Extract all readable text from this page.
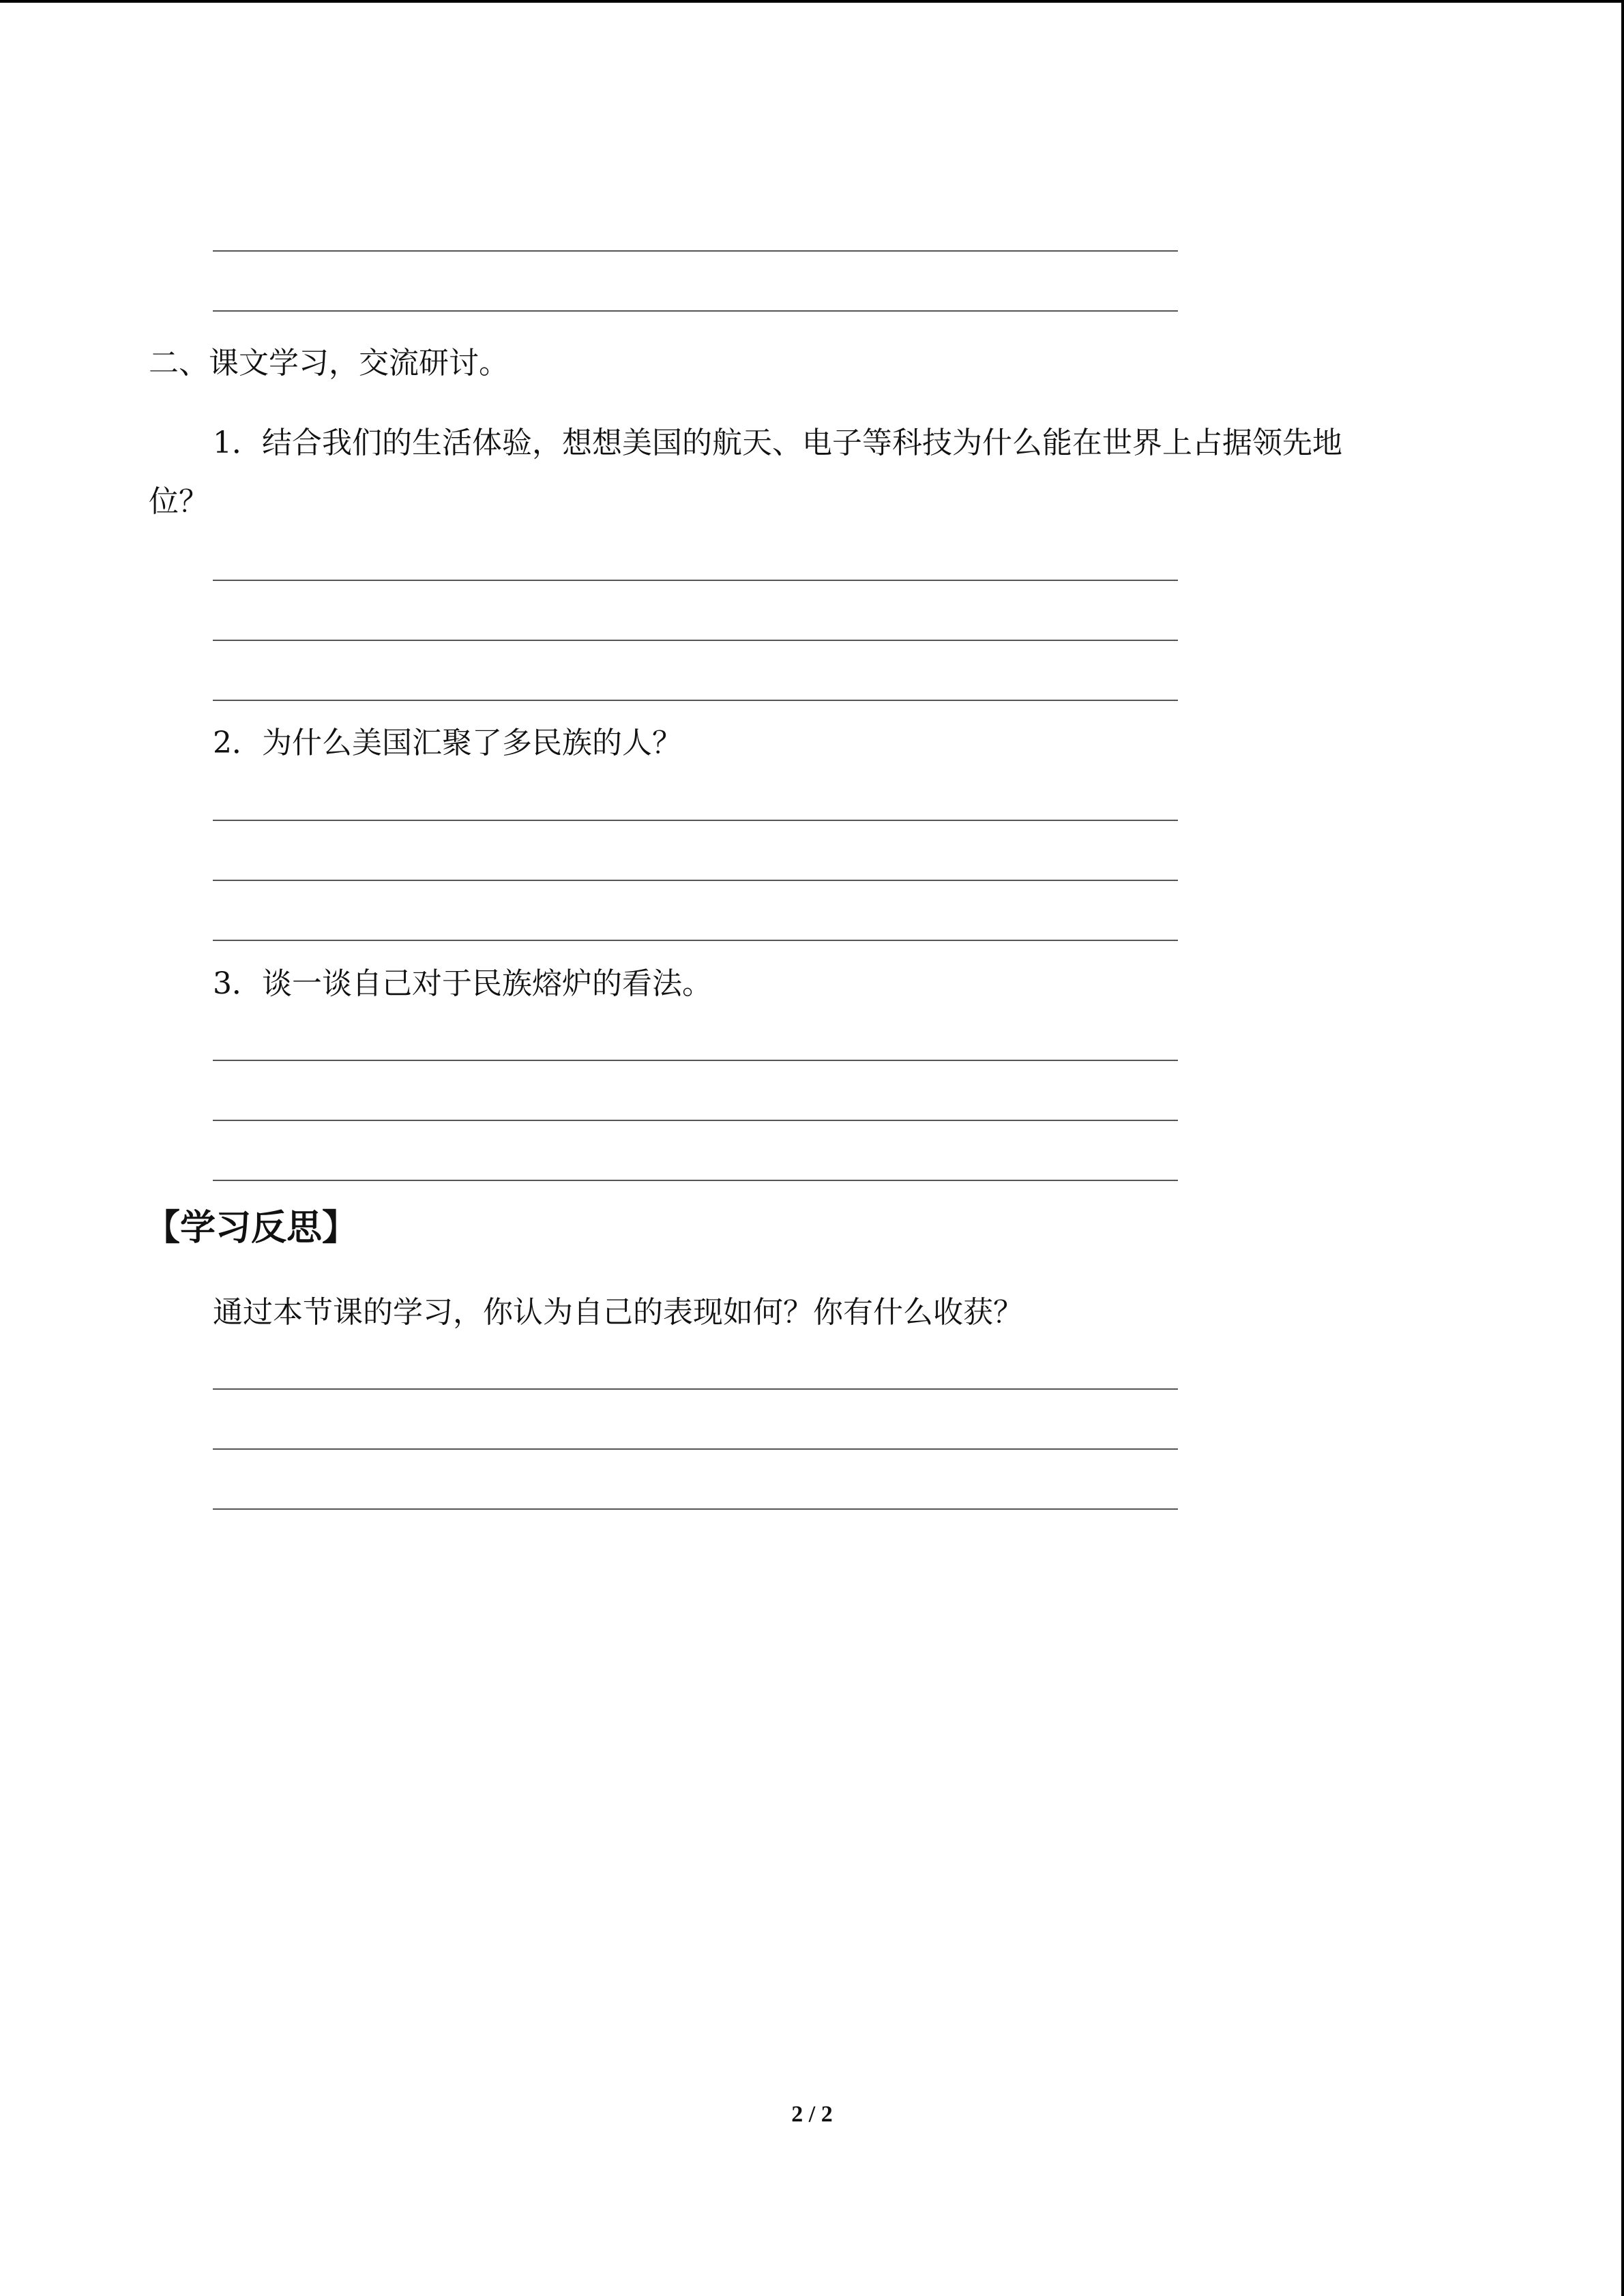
二、课文学习，交流研讨。
1．结合我们的生活体验，想想美国的航天、电子等科技为什么能在世界上占据领先地
位？
2．为什么美国汇聚了多民族的人？
3．谈一谈自己对于民族熔炉的看法。
【学习反思】
通过本节课的学习，你认为自己的表现如何？你有什么收获？
2 / 2
